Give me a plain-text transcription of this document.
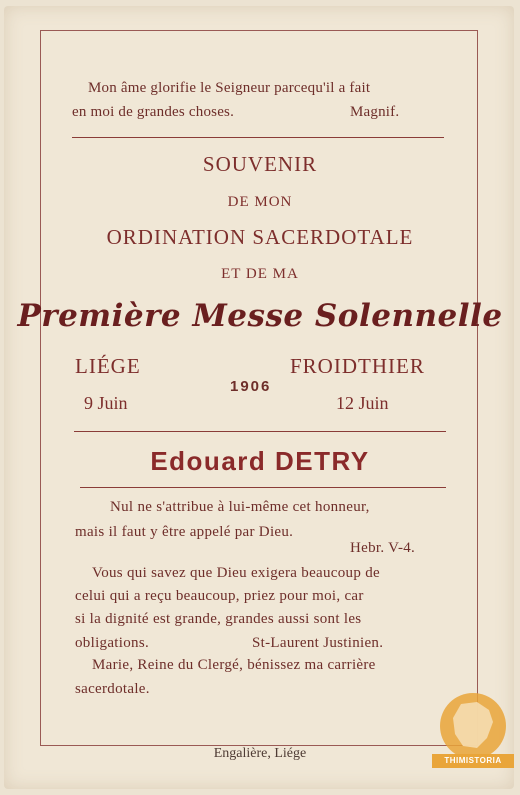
Mon âme glorifie le Seigneur parcequ'il a fait
en moi de grandes choses.	Magnif.
SOUVENIR
DE MON
ORDINATION SACERDOTALE
ET DE MA
Première Messe Solennelle
LIÉGE	FROIDTHIER
1906
9 Juin	12 Juin
Edouard DETRY
Nul ne s'attribue à lui-même cet honneur,
mais il faut y être appelé par Dieu.
Hebr. V-4.
Vous qui savez que Dieu exigera beaucoup de
celui qui a reçu beaucoup, priez pour moi, car
si la dignité est grande, grandes aussi sont les
obligations.	St-Laurent Justinien.
Marie, Reine du Clergé, bénissez ma carrière
sacerdotale.
Engalière, Liége	THIMISTORIA
